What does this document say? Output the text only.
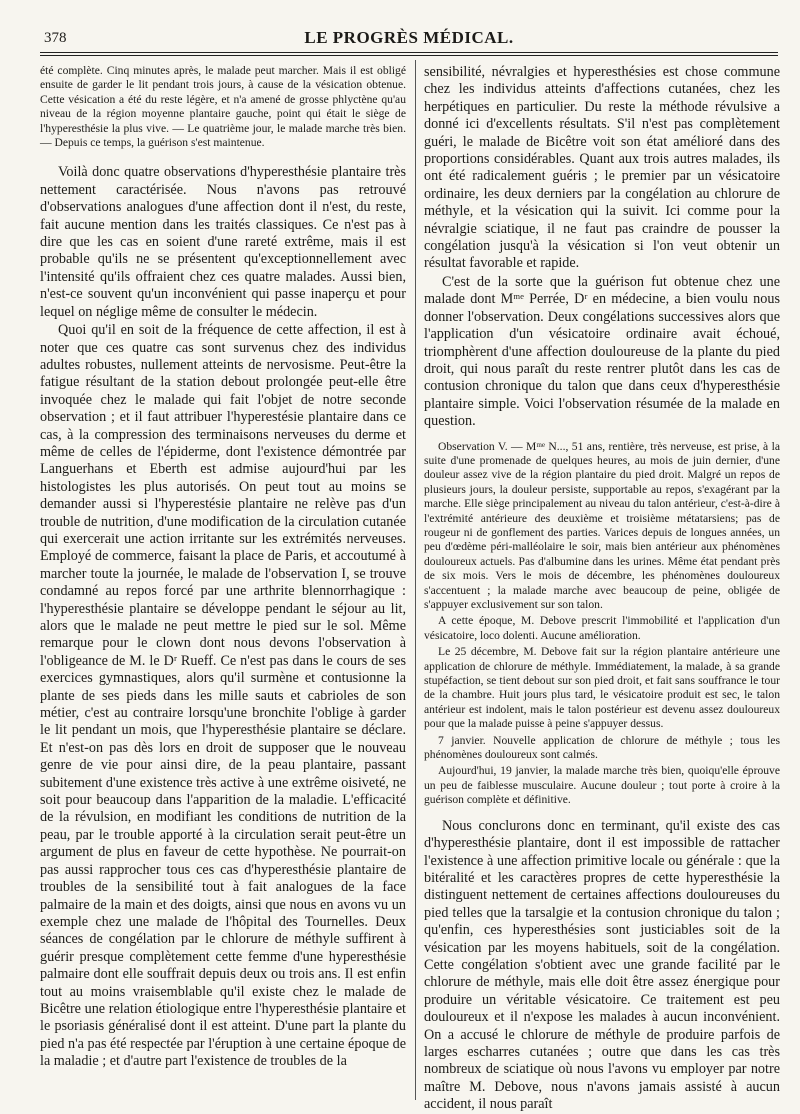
378	LE PROGRÈS MÉDICAL.

été complète. Cinq minutes après, le malade peut marcher. Mais il est obligé ensuite de garder le lit pendant trois jours, à cause de la vésication obtenue. Cette vésication a été du reste légère, et n'a amené de grosse phlyctène qu'au niveau de la région moyenne plantaire gauche, point qui était le siège de l'hyperesthésie la plus vive. — Le quatrième jour, le malade marche très bien. — Depuis ce temps, la guérison s'est maintenue.

Voilà donc quatre observations d'hyperesthésie plantaire très nettement caractérisée. Nous n'avons pas retrouvé d'observations analogues d'une affection dont il n'est, du reste, fait aucune mention dans les traités classiques. Ce n'est pas à dire que les cas en soient d'une rareté extrême, mais il est probable qu'ils ne se présentent qu'exceptionnellement avec l'intensité qu'ils offraient chez ces quatre malades. Aussi bien, n'est-ce souvent qu'un inconvénient qui passe inaperçu et pour lequel on néglige même de consulter le médecin.

Quoi qu'il en soit de la fréquence de cette affection, il est à noter que ces quatre cas sont survenus chez des individus adultes robustes, nullement atteints de nervosisme. Peut-être la fatigue résultant de la station debout prolongée peut-elle être invoquée chez le malade qui fait l'objet de notre seconde observation ; et il faut attribuer l'hyperestésie plantaire dans ce cas, à la compression des terminaisons nerveuses du derme et même de celles de l'épiderme, dont l'existence démontrée par Languerhans et Eberth est admise aujourd'hui par les histologistes les plus autorisés. On peut tout au moins se demander aussi si l'hyperestésie plantaire ne relève pas d'un trouble de nutrition, d'une modification de la circulation cutanée qui exercerait une action irritante sur les extrémités nerveuses. Employé de commerce, faisant la place de Paris, et accoutumé à marcher toute la journée, le malade de l'observation I, se trouve condamné au repos forcé par une arthrite blennorrhagique : l'hyperesthésie plantaire se développe pendant le séjour au lit, alors que le malade ne peut mettre le pied sur le sol. Même remarque pour le clown dont nous devons l'observation à l'obligeance de M. le Dʳ Rueff. Ce n'est pas dans le cours de ses exercices gymnastiques, alors qu'il surmène et contusionne la plante de ses pieds dans les mille sauts et cabrioles de son métier, c'est au contraire lorsqu'une bronchite l'oblige à garder le lit pendant un mois, que l'hyperesthésie plantaire se déclare. Et n'est-on pas dès lors en droit de supposer que le nouveau genre de vie pour ainsi dire, de la peau plantaire, passant subitement d'une existence très active à une extrême oisiveté, ne soit pour beaucoup dans l'apparition de la maladie. L'efficacité de la révulsion, en modifiant les conditions de nutrition de la peau, par le trouble apporté à la circulation serait peut-être un argument de plus en faveur de cette hypothèse. Ne pourrait-on pas aussi rapprocher tous ces cas d'hyperesthésie plantaire de troubles de la sensibilité tout à fait analogues de la face palmaire de la main et des doigts, ainsi que nous en avons vu un exemple chez une malade de l'hôpital des Tournelles. Deux séances de congélation par le chlorure de méthyle suffirent à guérir presque complètement cette femme d'une hyperesthésie palmaire dont elle souffrait depuis deux ou trois ans. Il est enfin tout au moins vraisemblable qu'il existe chez le malade de Bicêtre une relation étiologique entre l'hyperesthésie plantaire et le psoriasis généralisé dont il est atteint. D'une part la plante du pied n'a pas été respectée par l'éruption à une certaine époque de la maladie ; et d'autre part l'existence de troubles de la

sensibilité, névralgies et hyperesthésies est chose commune chez les individus atteints d'affections cutanées, chez les herpétiques en particulier. Du reste la méthode révulsive a donné ici d'excellents résultats. S'il n'est pas complètement guéri, le malade de Bicêtre voit son état amélioré dans des proportions considérables. Quant aux trois autres malades, ils ont été radicalement guéris ; le premier par un vésicatoire ordinaire, les deux derniers par la congélation au chlorure de méthyle, et la vésication qui la suivit. Ici comme pour la névralgie sciatique, il ne faut pas craindre de pousser la congélation jusqu'à la vésication si l'on veut obtenir un résultat favorable et rapide.

C'est de la sorte que la guérison fut obtenue chez une malade dont Mᵐᵉ Perrée, Dʳ en médecine, a bien voulu nous donner l'observation. Deux congélations successives alors que l'application d'un vésicatoire ordinaire avait échoué, triomphèrent d'une affection douloureuse de la plante du pied droit, qui nous paraît du reste rentrer plutôt dans les cas de contusion chronique du talon que dans ceux d'hyperesthésie plantaire simple. Voici l'observation résumée de la malade en question.

Observation V. — Mᵐᵉ N..., 51 ans, rentière, très nerveuse, est prise, à la suite d'une promenade de quelques heures, au mois de juin dernier, d'une douleur assez vive de la région plantaire du pied droit. Malgré un repos de plusieurs jours, la douleur persiste, supportable au repos, s'exagérant par la marche. Elle siège principalement au niveau du talon antérieur, c'est-à-dire à l'extrémité antérieure des deuxième et troisième métatarsiens; pas de rougeur ni de gonflement des parties. Varices depuis de longues années, un peu d'œdème péri-malléolaire le soir, mais bien antérieur aux phénomènes douloureux actuels. Pas d'albumine dans les urines. Même état pendant près de six mois. Vers le mois de décembre, les phénomènes douloureux s'accentuent ; la malade marche avec beaucoup de peine, obligée de s'appuyer exclusivement sur son talon.

A cette époque, M. Debove prescrit l'immobilité et l'application d'un vésicatoire, loco dolenti. Aucune amélioration.

Le 25 décembre, M. Debove fait sur la région plantaire antérieure une application de chlorure de méthyle. Immédiatement, la malade, à sa grande stupéfaction, se tient debout sur son pied droit, et fait sans souffrance le tour de la chambre. Huit jours plus tard, le vésicatoire produit est sec, le talon antérieur est indolent, mais le talon postérieur est devenu assez douloureux pour que la malade puisse à peine s'appuyer dessus.

7 janvier. Nouvelle application de chlorure de méthyle ; tous les phénomènes douloureux sont calmés.

Aujourd'hui, 19 janvier, la malade marche très bien, quoiqu'elle éprouve un peu de faiblesse musculaire. Aucune douleur ; tout porte à croire à la guérison complète et définitive.

Nous conclurons donc en terminant, qu'il existe des cas d'hyperesthésie plantaire, dont il est impossible de rattacher l'existence à une affection primitive locale ou générale : que la bitéralité et les caractères propres de cette hyperesthésie la distinguent nettement de certaines affections douloureuses du pied telles que la tarsalgie et la contusion chronique du talon ; qu'enfin, ces hyperesthésies sont justiciables soit de la vésication par les moyens habituels, soit de la congélation. Cette congélation s'obtient avec une grande facilité par le chlorure de méthyle, mais elle doit être assez énergique pour produire un véritable vésicatoire. Ce traitement est peu douloureux et il n'expose les malades à aucun inconvénient. On a accusé le chlorure de méthyle de produire parfois de larges escharres cutanées ; outre que dans les cas très nombreux de sciatique où nous l'avons vu employer par notre maître M. Debove, nous n'avons jamais assisté à aucun accident, il nous paraît
